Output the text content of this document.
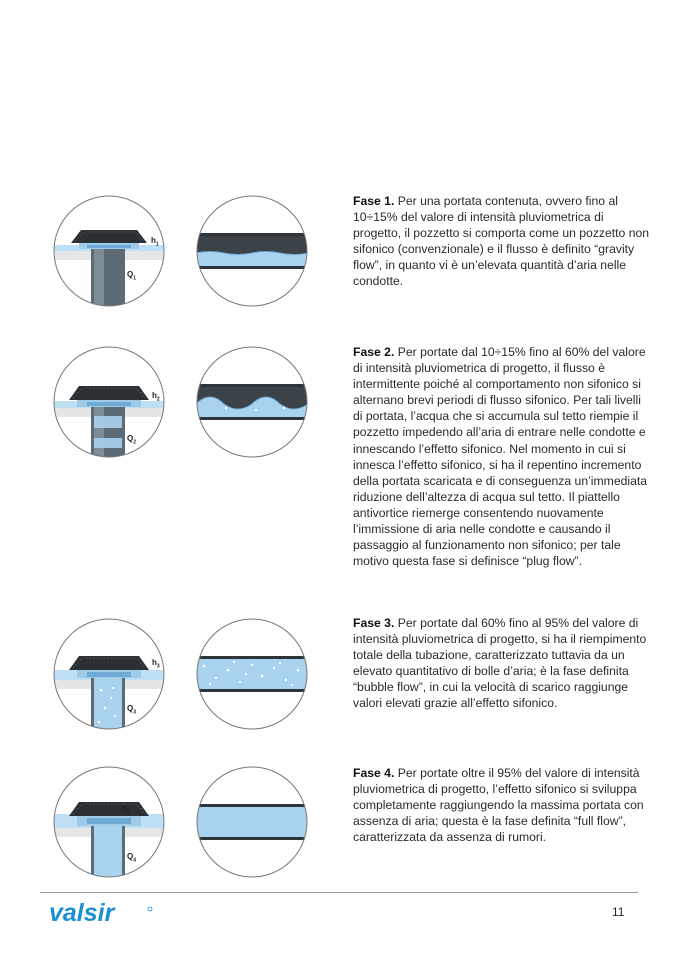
$h_1$
$Q_1$
Fase 1. Per una portata contenuta, ovvero fino al 10÷15% del valore di intensità pluviometrica di progetto, il pozzetto si comporta come un pozzetto non sifonico (convenzionale) e il flusso è definito “gravity flow”, in quanto vi è un’elevata quantità d’aria nelle condotte.
$h_2$
$Q_2$
Fase 2. Per portate dal 10÷15% fino al 60% del valore di intensità pluviometrica di progetto, il flusso è intermittente poiché al comportamento non sifonico si alternano brevi periodi di flusso sifonico. Per tali livelli di portata, l’acqua che si accumula sul tetto riempie il pozzetto impedendo all’aria di entrare nelle condotte e innescando l’effetto sifonico. Nel momento in cui si innesca l’effetto sifonico, si ha il repentino incremento della portata scaricata e di conseguenza un’immediata riduzione dell’altezza di acqua sul tetto. Il piattello antivortice riemerge consentendo nuovamente l’immissione di aria nelle condotte e causando il passaggio al funzionamento non sifonico; per tale motivo questa fase si definisce “plug flow”.
$h_3$
$Q_3$
Fase 3. Per portate dal 60% fino al 95% del valore di intensità pluviometrica di progetto, si ha il riempimento totale della tubazione, caratterizzato tuttavia da un elevato quantitativo di bolle d’aria; è la fase definita “bubble flow”, in cui la velocità di scarico raggiunge valori elevati grazie all’effetto sifonico.
$h_4$
$Q_4$
Fase 4. Per portate oltre il 95% del valore di intensità pluviometrica di progetto, l’effetto sifonico si sviluppa completamente raggiungendo la massima portata con assenza di aria; questa è la fase definita “full flow”, caratterizzata da assenza di rumori.
valsir	11
